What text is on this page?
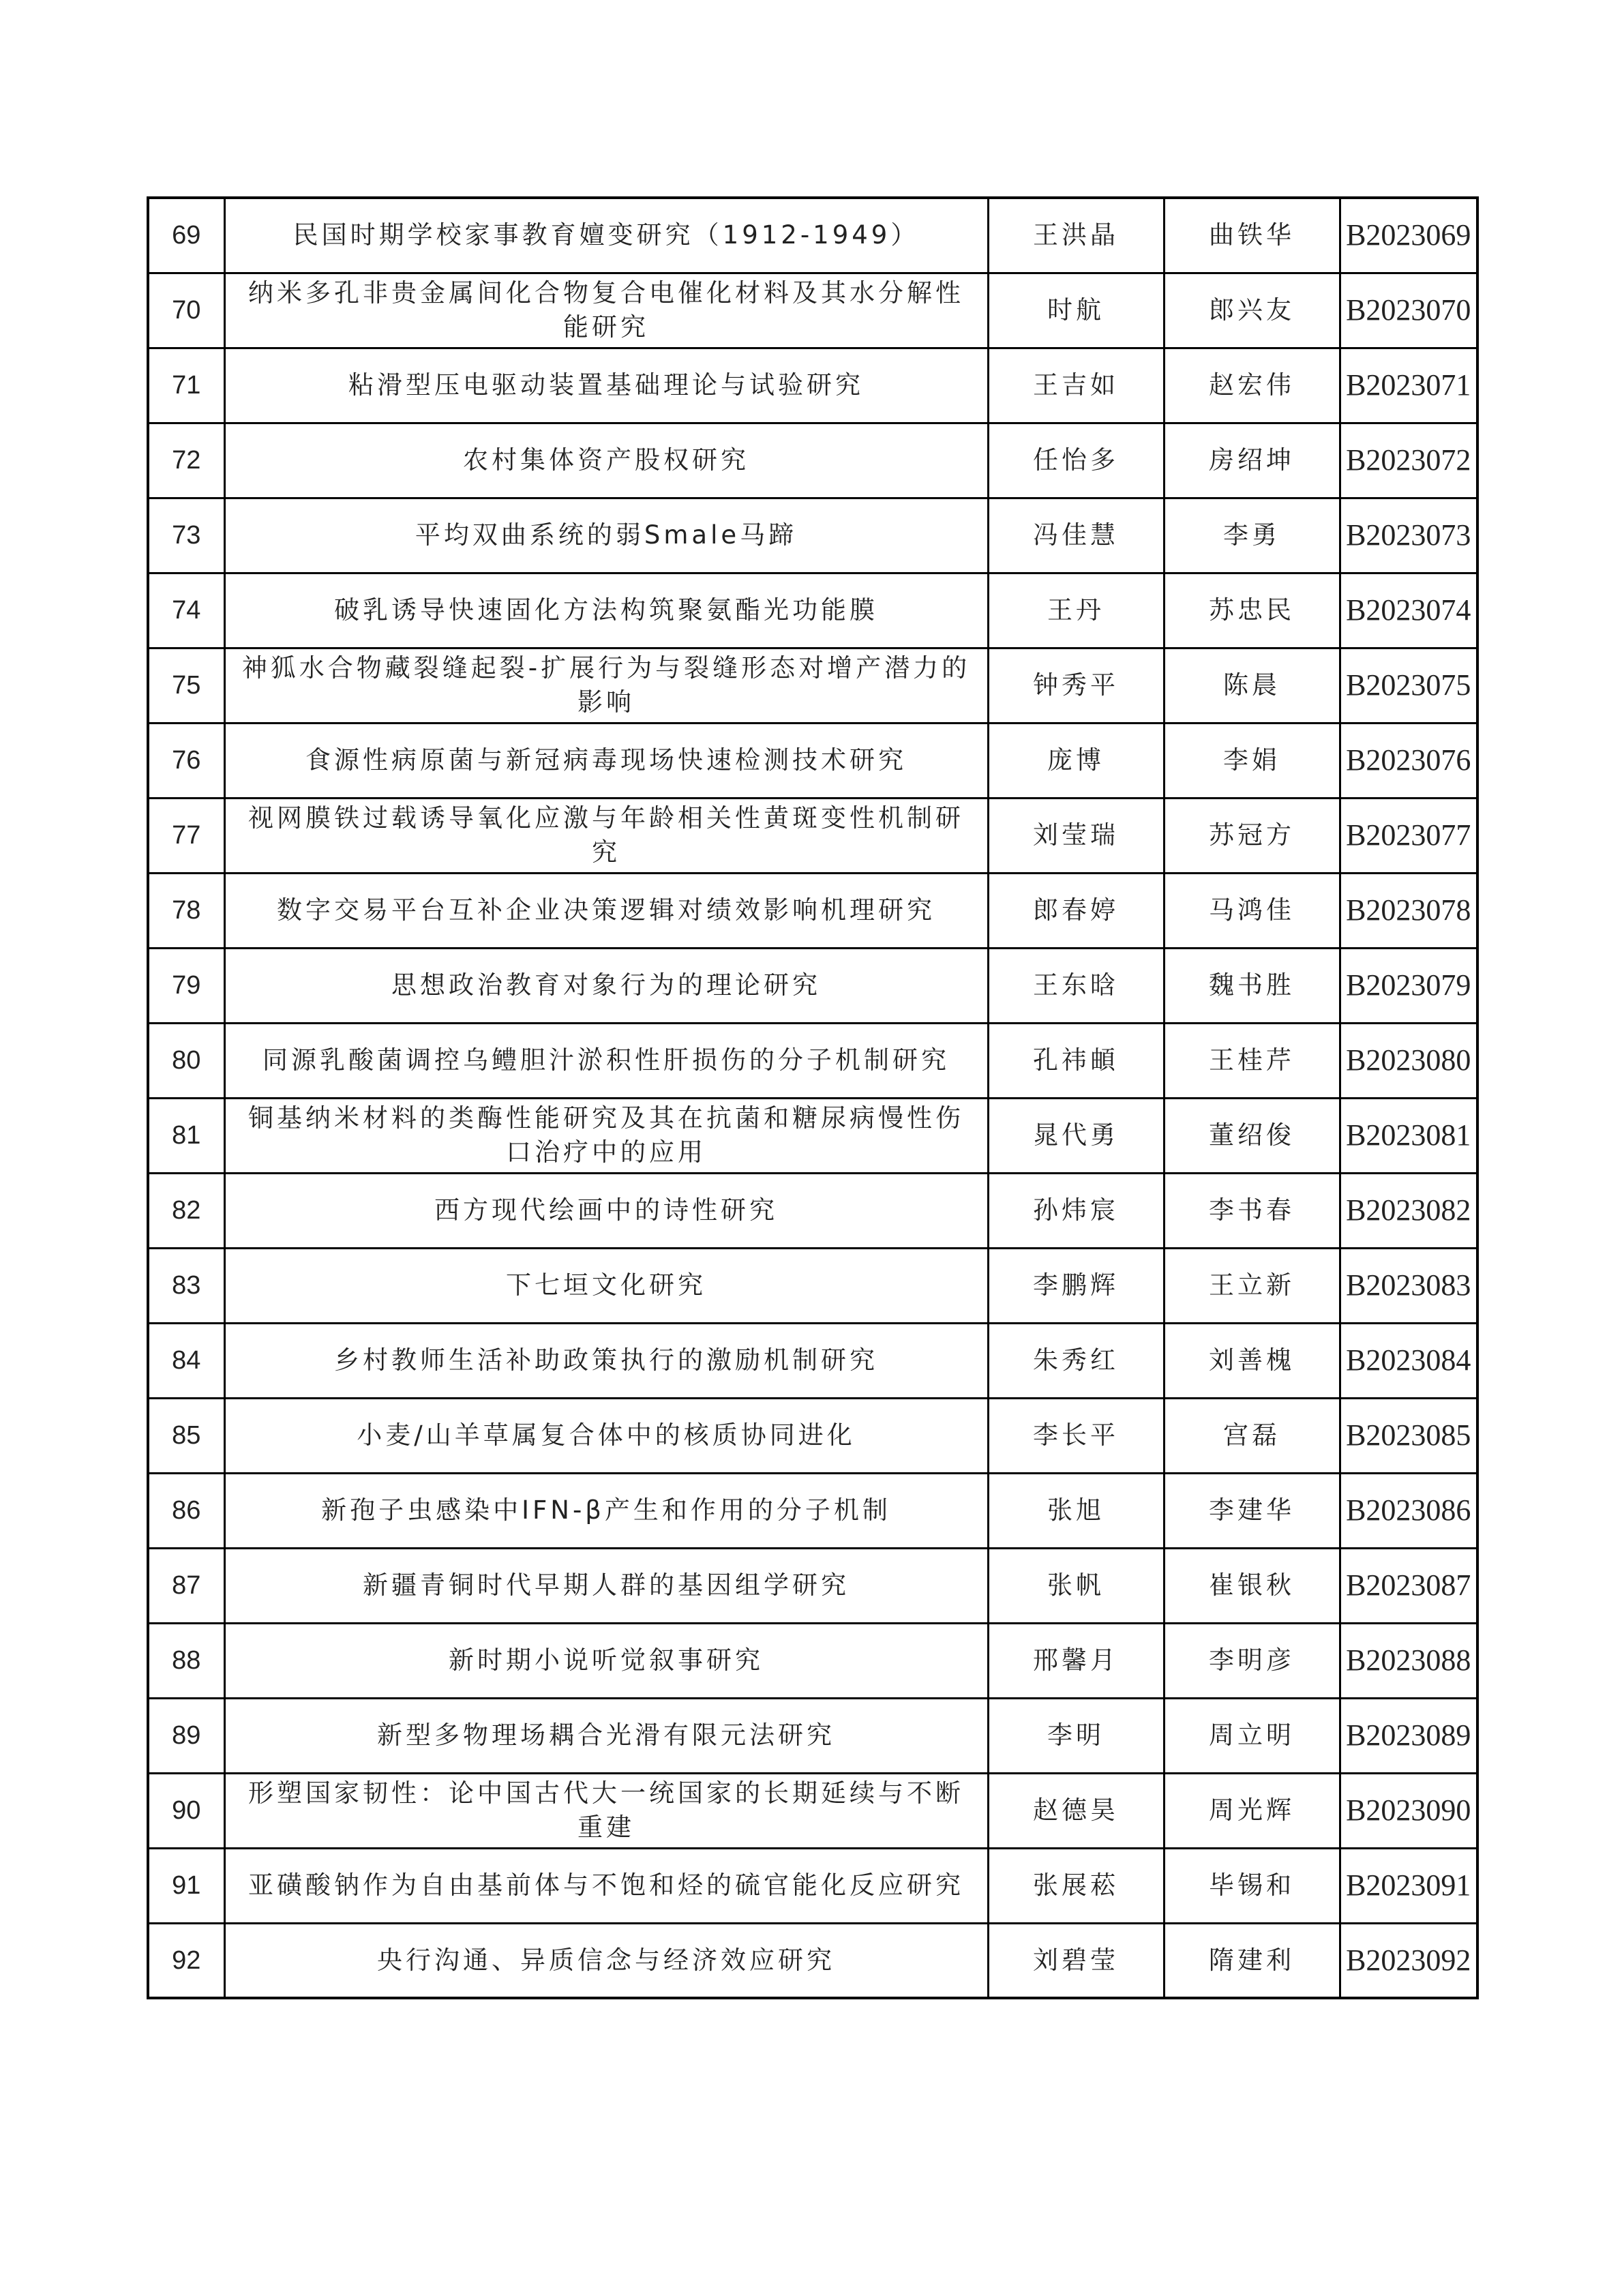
69	民国时期学校家事教育嬗变研究（1912-1949）	王洪晶	曲铁华	B2023069
70	纳米多孔非贵金属间化合物复合电催化材料及其水分解性能研究	时航	郎兴友	B2023070
71	粘滑型压电驱动装置基础理论与试验研究	王吉如	赵宏伟	B2023071
72	农村集体资产股权研究	任怡多	房绍坤	B2023072
73	平均双曲系统的弱Smale马蹄	冯佳慧	李勇	B2023073
74	破乳诱导快速固化方法构筑聚氨酯光功能膜	王丹	苏忠民	B2023074
75	神狐水合物藏裂缝起裂-扩展行为与裂缝形态对增产潜力的影响	钟秀平	陈晨	B2023075
76	食源性病原菌与新冠病毒现场快速检测技术研究	庞博	李娟	B2023076
77	视网膜铁过载诱导氧化应激与年龄相关性黄斑变性机制研究	刘莹瑞	苏冠方	B2023077
78	数字交易平台互补企业决策逻辑对绩效影响机理研究	郎春婷	马鸿佳	B2023078
79	思想政治教育对象行为的理论研究	王东晗	魏书胜	B2023079
80	同源乳酸菌调控乌鳢胆汁淤积性肝损伤的分子机制研究	孔祎頔	王桂芹	B2023080
81	铜基纳米材料的类酶性能研究及其在抗菌和糖尿病慢性伤口治疗中的应用	晁代勇	董绍俊	B2023081
82	西方现代绘画中的诗性研究	孙炜宸	李书春	B2023082
83	下七垣文化研究	李鹏辉	王立新	B2023083
84	乡村教师生活补助政策执行的激励机制研究	朱秀红	刘善槐	B2023084
85	小麦/山羊草属复合体中的核质协同进化	李长平	宫磊	B2023085
86	新孢子虫感染中IFN-β产生和作用的分子机制	张旭	李建华	B2023086
87	新疆青铜时代早期人群的基因组学研究	张帆	崔银秋	B2023087
88	新时期小说听觉叙事研究	邢馨月	李明彦	B2023088
89	新型多物理场耦合光滑有限元法研究	李明	周立明	B2023089
90	形塑国家韧性：论中国古代大一统国家的长期延续与不断重建	赵德昊	周光辉	B2023090
91	亚磺酸钠作为自由基前体与不饱和烃的硫官能化反应研究	张展菘	毕锡和	B2023091
92	央行沟通、异质信念与经济效应研究	刘碧莹	隋建利	B2023092
